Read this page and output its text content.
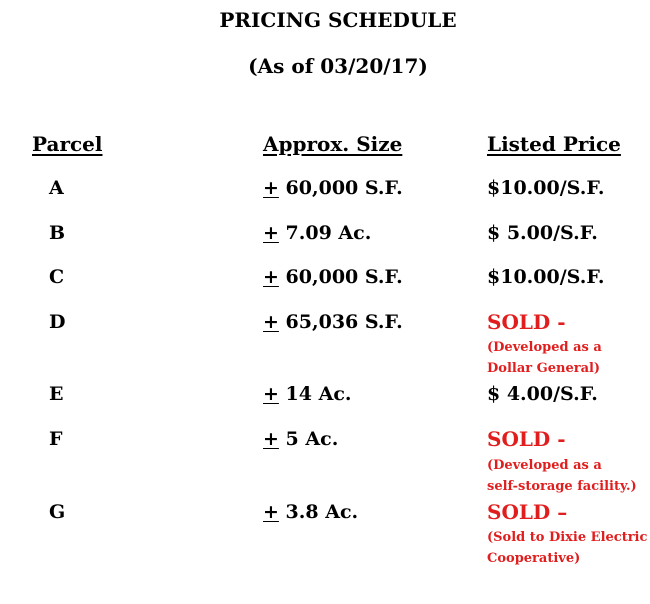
PRICING SCHEDULE
(As of 03/20/17)
Parcel	Approx. Size	Listed Price
A	+ 60,000 S.F.	$10.00/S.F.
B	+ 7.09 Ac.	$ 5.00/S.F.
C	+ 60,000 S.F.	$10.00/S.F.
D	+ 65,036 S.F.	SOLD -
(Developed as a
Dollar General)
E	+ 14 Ac.	$ 4.00/S.F.
F	+ 5 Ac.	SOLD -
(Developed as a
self-storage facility.)
G	+ 3.8 Ac.	SOLD –
(Sold to Dixie Electric
Cooperative)
